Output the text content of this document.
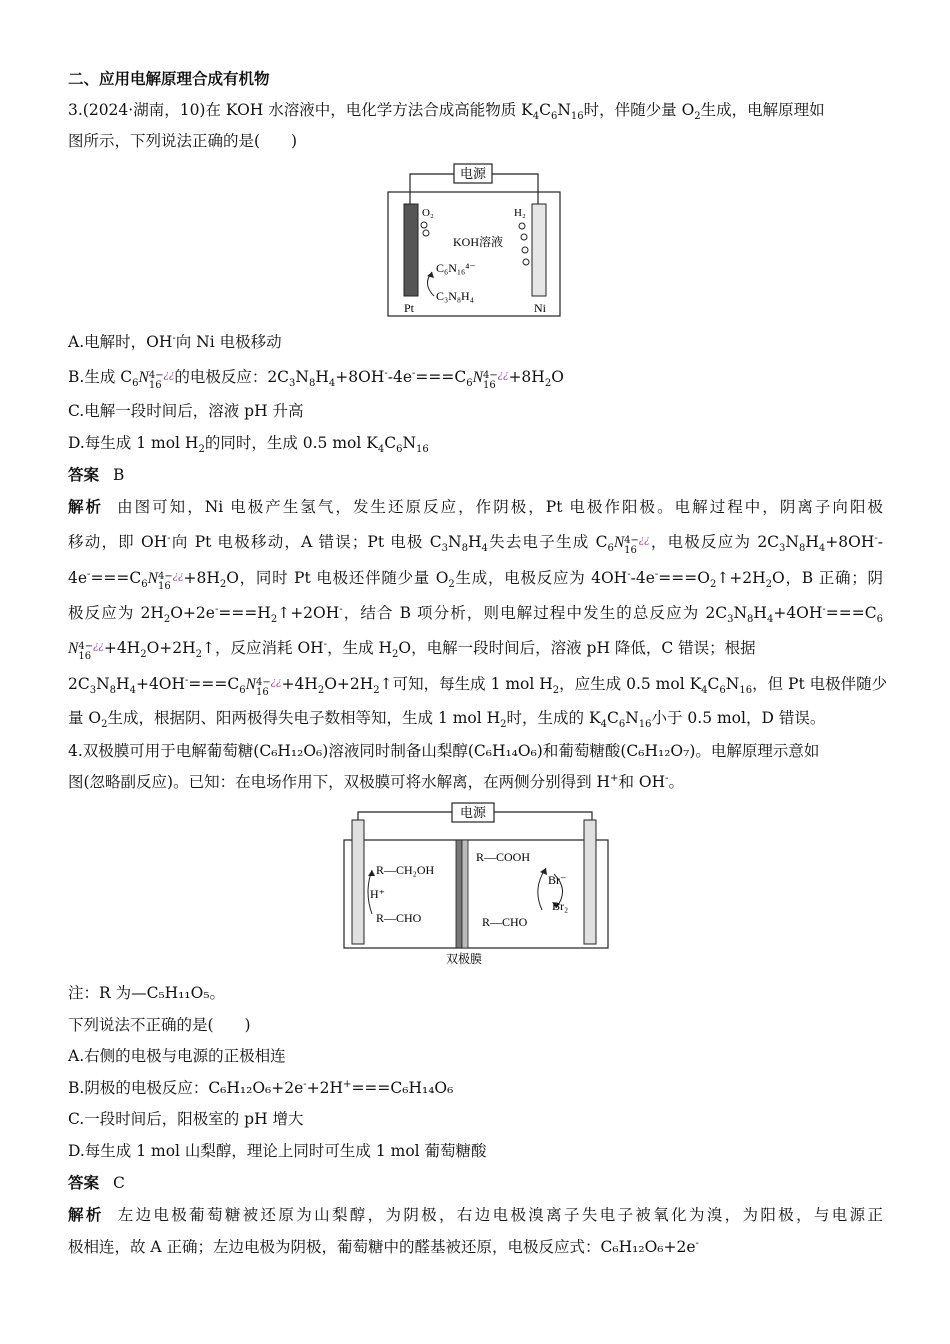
二、应用电解原理合成有机物
3.(2024·湖南，10)在 KOH 水溶液中，电化学方法合成高能物质 $K_4C_6N_{16}$时，伴随少量 $O_2$生成，电解原理如
图所示，下列说法正确的是(　　)
电源
O₂	H₂
KOH溶液
C₆N₁₆⁴⁻
C₃N₈H₄
Pt	Ni
A.电解时，OH-向 Ni 电极移动
B.生成 $C_6N$ 4−¿¿
16 的电极反应：$2C_3N_8H_4+8OH^--4e^-===C_6N$ 4−¿¿
$16 +8H_2O$
C.电解一段时间后，溶液 pH 升高
D.每生成 1 mol $H_2$的同时，生成 0.5 mol $K_4C_6N_{16}$
答案 B
解析 由图可知，Ni 电极产生氢气，发生还原反应，作阴极，Pt 电极作阳极。电解过程中，阴离子向阳极
移动，即 OH-向 Pt 电极移动，A 错误；Pt 电极 $C_3N_8H_4$失去电子生成 $C_6N$ 4−¿¿
16 ，电极反应为 $2C_3N_8H_4+8OH^--$
$4e^-===C_6N$ 4−¿¿
$16 +8H_2O$，同时 Pt 电极还伴随少量 $O_2$生成，电极反应为 $4OH^--4e^-===O_2↑+2H_2O$，B 正确；阴
极反应为 $2H_2O+2e^-===H_2↑+2OH^-$，结合 B 项分析，则电解过程中发生的总反应为 $2C_3N_8H_4+4OH^-===C_6$
N 4−¿¿
$16 +4H_2O+2H_2↑$，反应消耗 OH-，生成 $H_2O$，电解一段时间后，溶液 pH 降低，C 错误；根据
$2C_3N_8H_4+4OH^-===C_6N$ 4−¿¿
$16 +4H_2O+2H_2↑$可知，每生成 1 mol $H_2$，应生成 0.5 mol $K_4C_6N_{16}$，但 Pt 电极伴随少
量 $O_2$生成，根据阴、阳两极得失电子数相等知，生成 1 mol $H_2$时，生成的 $K_4C_6N_{16}$小于 0.5 mol，D 错误。
4.双极膜可用于电解葡萄糖(C₆H₁₂O₆)溶液同时制备山梨醇(C₆H₁₄O₆)和葡萄糖酸(C₆H₁₂O₇)。电解原理示意如
图(忽略副反应)。已知：在电场作用下，双极膜可将水解离，在两侧分别得到 H+和 OH-。
电源
R—CH₂OH
H⁺
R—CHO
R—COOH
Br⁻
Br₂
R—CHO
双极膜
注：R 为—C₅H₁₁O₅。
下列说法不正确的是(　　)
A.右侧的电极与电源的正极相连
B.阴极的电极反应：C₆H₁₂O₆+2e-+2H+===C₆H₁₄O₆
C.一段时间后，阳极室的 pH 增大
D.每生成 1 mol 山梨醇，理论上同时可生成 1 mol 葡萄糖酸
答案 C
解析 左边电极葡萄糖被还原为山梨醇，为阴极，右边电极溴离子失电子被氧化为溴，为阳极，与电源正
极相连，故 A 正确；左边电极为阴极，葡萄糖中的醛基被还原，电极反应式：C₆H₁₂O₆+2e-
